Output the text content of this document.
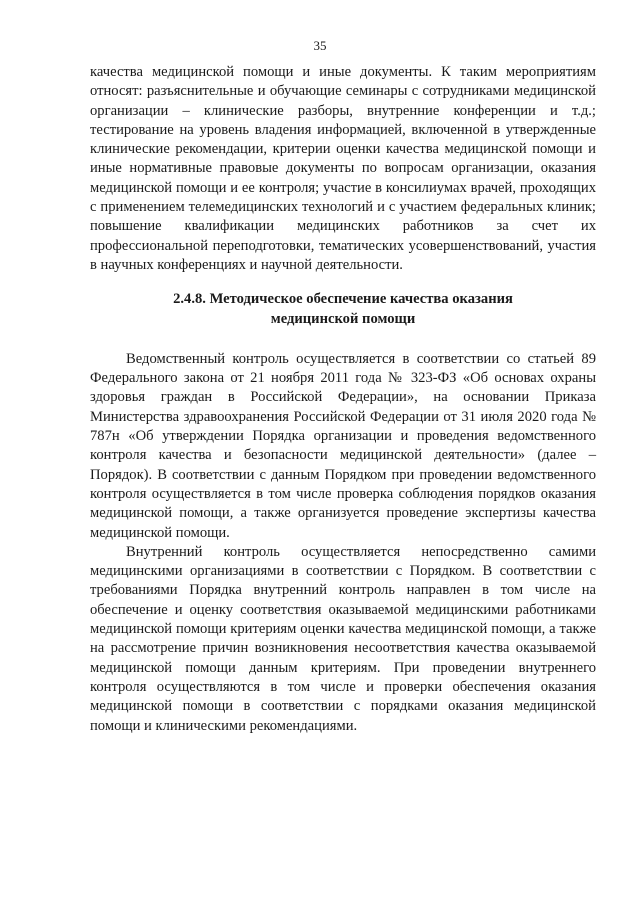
35

качества медицинской помощи и иные документы. К таким мероприятиям относят: разъяснительные и обучающие семинары с сотрудниками медицинской организации – клинические разборы, внутренние конференции и т.д.; тестирование на уровень владения информацией, включенной в утвержденные клинические рекомендации, критерии оценки качества медицинской помощи и иные нормативные правовые документы по вопросам организации, оказания медицинской помощи и ее контроля; участие в консилиумах врачей, проходящих с применением телемедицинских технологий и с участием федеральных клиник; повышение квалификации медицинских работников за счет их профессиональной переподготовки, тематических усовершенствований, участия в научных конференциях и научной деятельности.

2.4.8. Методическое обеспечение качества оказания
медицинской помощи

Ведомственный контроль осуществляется в соответствии со статьей 89 Федерального закона от 21 ноября 2011 года № 323-ФЗ «Об основах охраны здоровья граждан в Российской Федерации», на основании Приказа Министерства здравоохранения Российской Федерации от 31 июля 2020 года № 787н «Об утверждении Порядка организации и проведения ведомственного контроля качества и безопасности медицинской деятельности» (далее – Порядок). В соответствии с данным Порядком при проведении ведомственного контроля осуществляется в том числе проверка соблюдения порядков оказания медицинской помощи, а также организуется проведение экспертизы качества медицинской помощи.

Внутренний контроль осуществляется непосредственно самими медицинскими организациями в соответствии с Порядком. В соответствии с требованиями Порядка внутренний контроль направлен в том числе на обеспечение и оценку соответствия оказываемой медицинскими работниками медицинской помощи критериям оценки качества медицинской помощи, а также на рассмотрение причин возникновения несоответствия качества оказываемой медицинской помощи данным критериям. При проведении внутреннего контроля осуществляются в том числе и проверки обеспечения оказания медицинской помощи в соответствии с порядками оказания медицинской помощи и клиническими рекомендациями.
